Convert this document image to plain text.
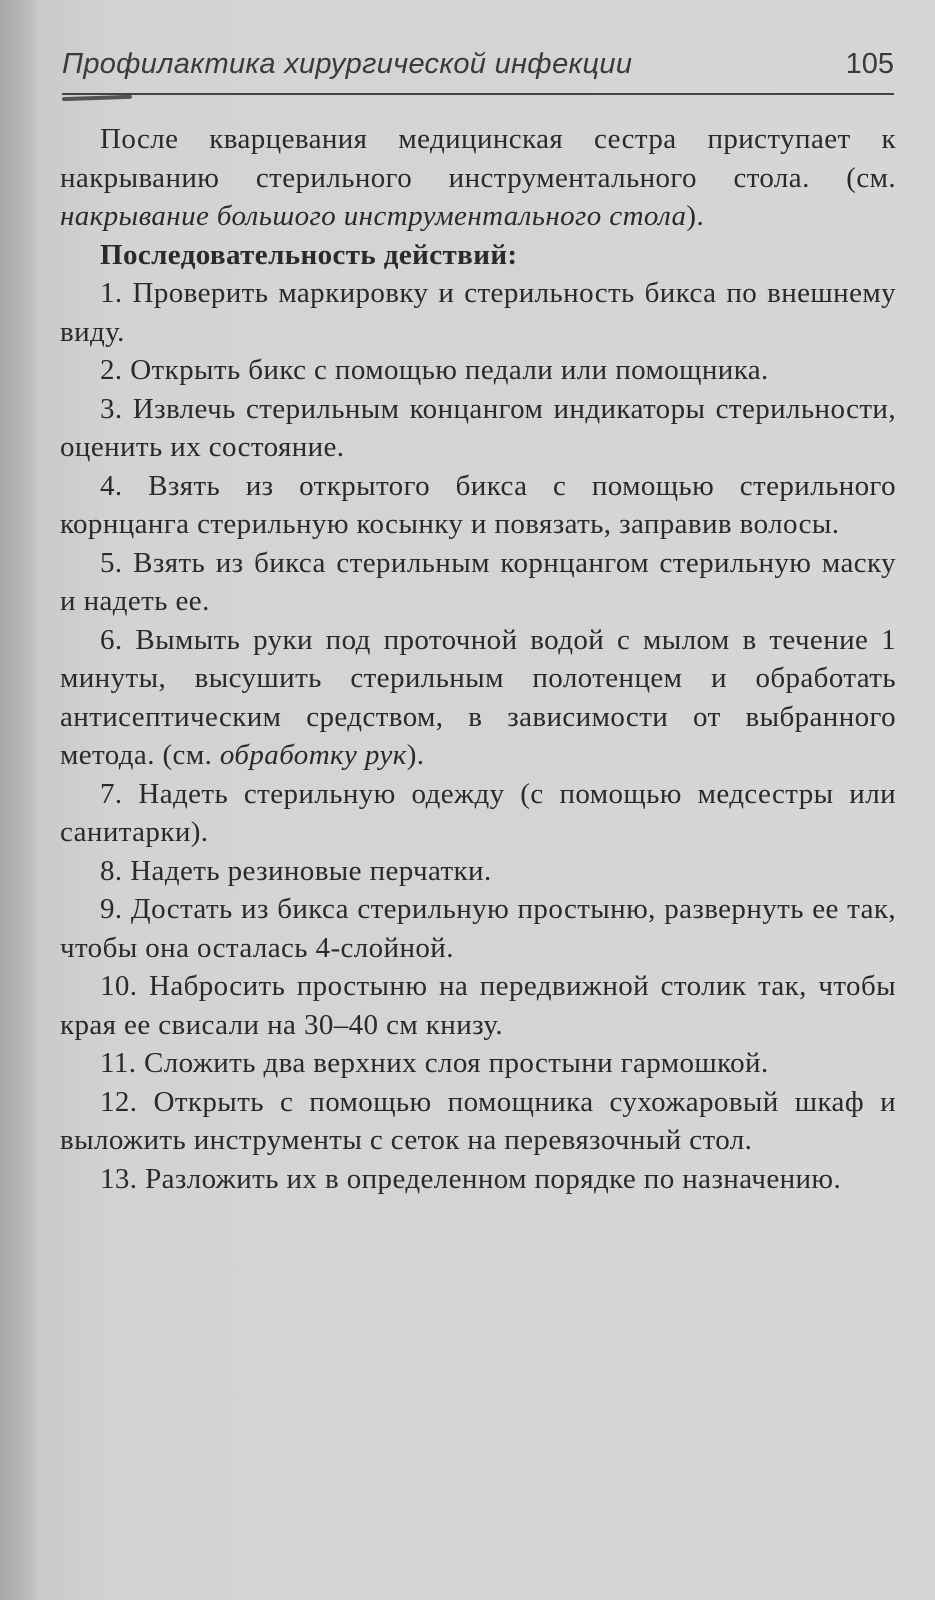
Профилактика хирургической инфекции	105

После кварцевания медицинская сестра приступает к накрыванию стерильного инструментального стола. (см. накрывание большого инструментального стола).

Последовательность действий:

1. Проверить маркировку и стерильность бикса по внешнему виду.

2. Открыть бикс с помощью педали или помощника.

3. Извлечь стерильным концангом индикаторы стерильности, оценить их состояние.

4. Взять из открытого бикса с помощью стерильного корнцанга стерильную косынку и повязать, заправив волосы.

5. Взять из бикса стерильным корнцангом стерильную маску и надеть ее.

6. Вымыть руки под проточной водой с мылом в течение 1 минуты, высушить стерильным полотенцем и обработать антисептическим средством, в зависимости от выбранного метода. (см. обработку рук).

7. Надеть стерильную одежду (с помощью медсестры или санитарки).

8. Надеть резиновые перчатки.

9. Достать из бикса стерильную простыню, развернуть ее так, чтобы она осталась 4-слойной.

10. Набросить простыню на передвижной столик так, чтобы края ее свисали на 30–40 см книзу.

11. Сложить два верхних слоя простыни гармошкой.

12. Открыть с помощью помощника сухожаровый шкаф и выложить инструменты с сеток на перевязочный стол.

13. Разложить их в определенном порядке по назначению.
